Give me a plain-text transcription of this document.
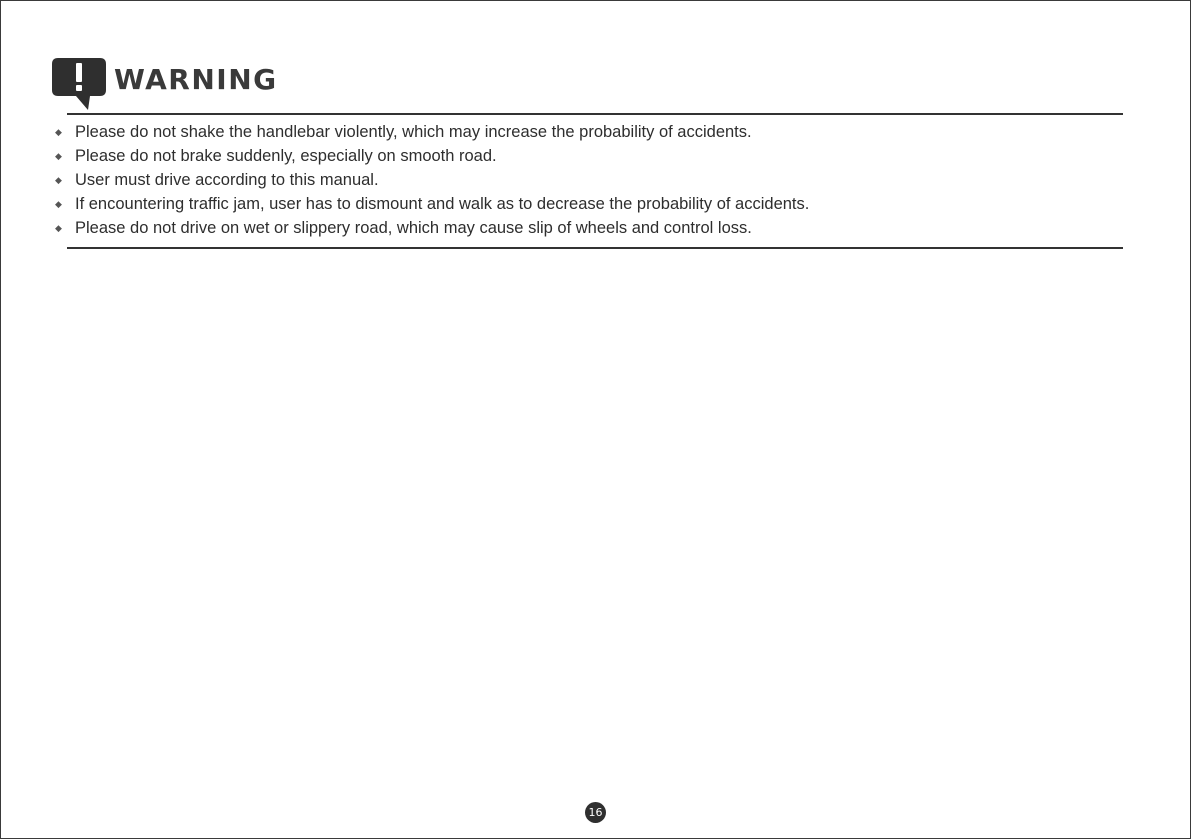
WARNING
◆ Please do not shake the handlebar violently, which may increase the probability of accidents.
◆ Please do not brake suddenly, especially on smooth road.
◆ User must drive according to this manual.
◆ If encountering traffic jam, user has to dismount and walk as to decrease the probability of accidents.
◆ Please do not drive on wet or slippery road, which may cause slip of wheels and control loss.
16
